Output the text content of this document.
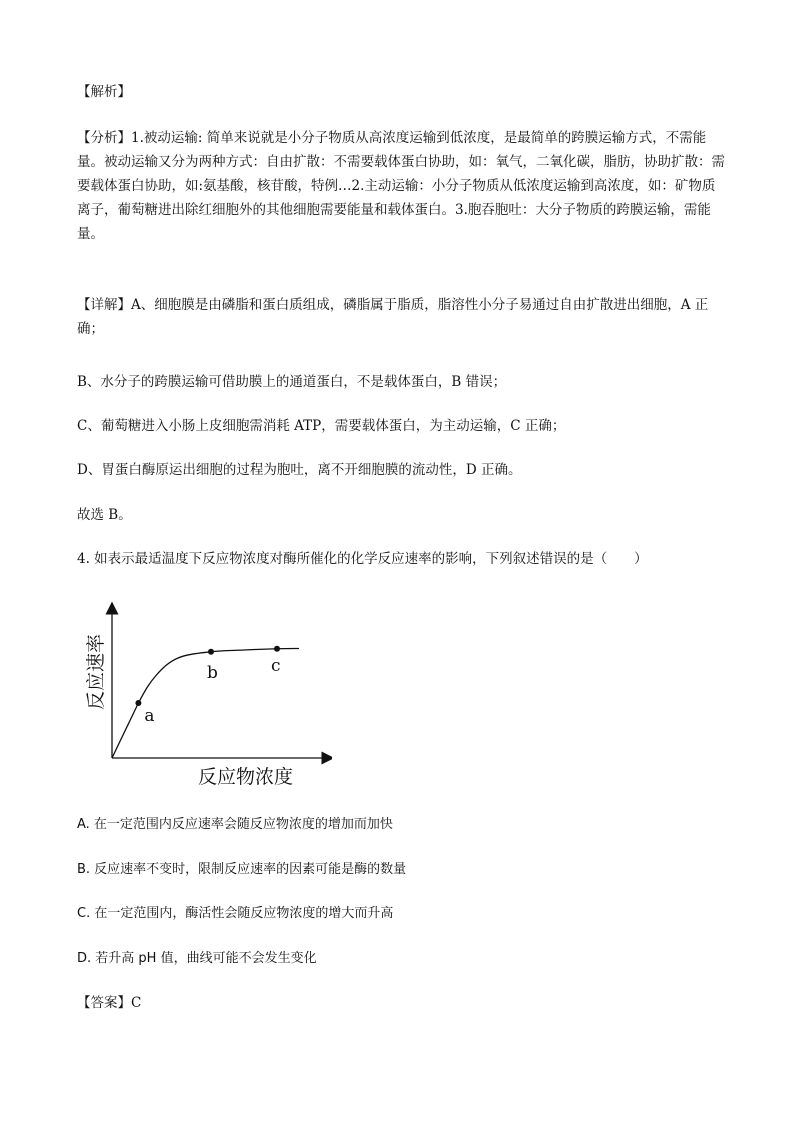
【解析】

【分析】1.被动运输: 简单来说就是小分子物质从高浓度运输到低浓度，是最简单的跨膜运输方式，不需能量。被动运输又分为两种方式：自由扩散：不需要载体蛋白协助，如：氧气，二氧化碳，脂肪，协助扩散：需要载体蛋白协助，如:氨基酸，核苷酸，特例…2.主动运输：小分子物质从低浓度运输到高浓度，如：矿物质离子，葡萄糖进出除红细胞外的其他细胞需要能量和载体蛋白。3.胞吞胞吐：大分子物质的跨膜运输，需能量。

【详解】A、细胞膜是由磷脂和蛋白质组成，磷脂属于脂质，脂溶性小分子易通过自由扩散进出细胞，A 正确；

B、水分子的跨膜运输可借助膜上的通道蛋白，不是载体蛋白，B 错误；

C、葡萄糖进入小肠上皮细胞需消耗 ATP，需要载体蛋白，为主动运输，C 正确；

D、胃蛋白酶原运出细胞的过程为胞吐，离不开细胞膜的流动性，D 正确。

故选 B。

4. 如表示最适温度下反应物浓度对酶所催化的化学反应速率的影响，下列叙述错误的是（　　）

反应速率
反应物浓度
a
b	c

A. 在一定范围内反应速率会随反应物浓度的增加而加快

B. 反应速率不变时，限制反应速率的因素可能是酶的数量

C. 在一定范围内，酶活性会随反应物浓度的增大而升高

D. 若升高 pH 值，曲线可能不会发生变化

【答案】C
